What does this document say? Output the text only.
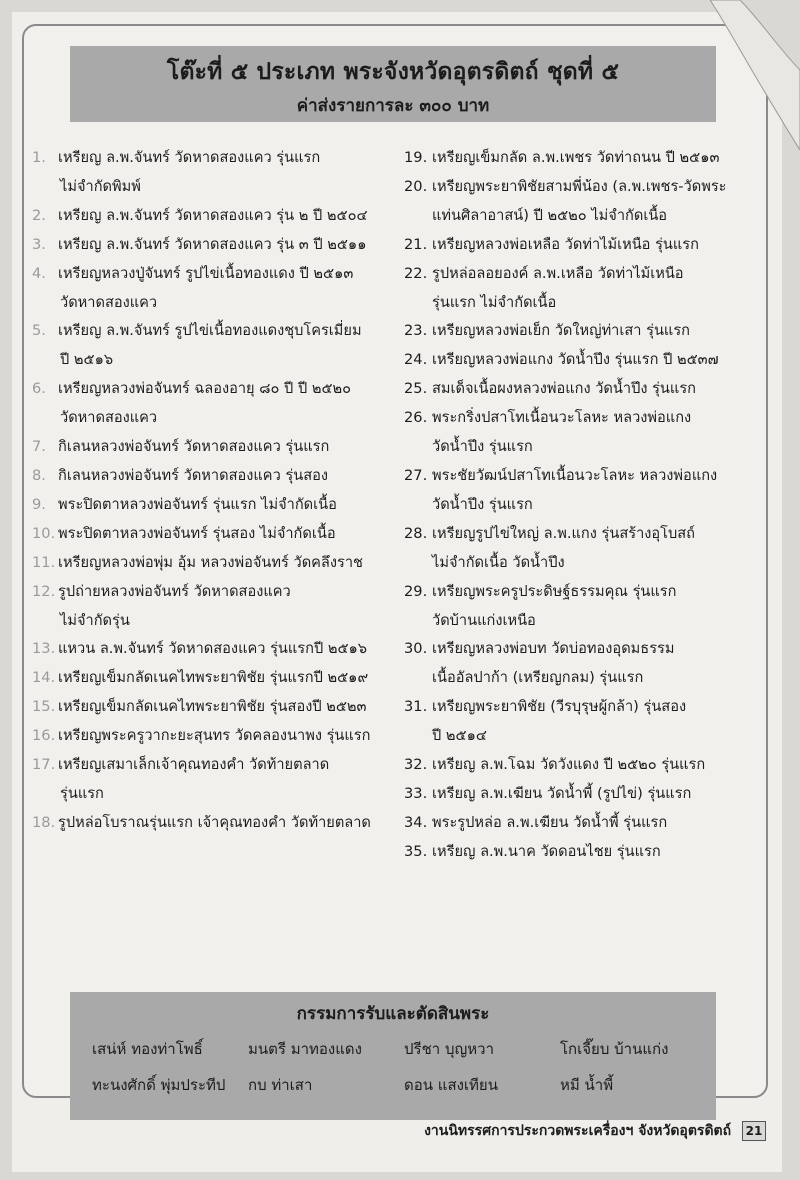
โต๊ะที่ ๕ ประเภท พระจังหวัดอุตรดิตถ์ ชุดที่ ๕
ค่าส่งรายการละ ๓๐๐ บาท
1. เหรียญ ล.พ.จันทร์ วัดหาดสองแคว รุ่นแรก
ไม่จำกัดพิมพ์
2. เหรียญ ล.พ.จันทร์ วัดหาดสองแคว รุ่น ๒ ปี ๒๕๐๔
3. เหรียญ ล.พ.จันทร์ วัดหาดสองแคว รุ่น ๓ ปี ๒๕๑๑
4. เหรียญหลวงปู่จันทร์ รูปไข่เนื้อทองแดง ปี ๒๕๑๓
วัดหาดสองแคว
5. เหรียญ ล.พ.จันทร์ รูปไข่เนื้อทองแดงชุบโครเมี่ยม
ปี ๒๕๑๖
6. เหรียญหลวงพ่อจันทร์ ฉลองอายุ ๘๐ ปี ปี ๒๕๒๐
วัดหาดสองแคว
7. กิเลนหลวงพ่อจันทร์ วัดหาดสองแคว รุ่นแรก
8. กิเลนหลวงพ่อจันทร์ วัดหาดสองแคว รุ่นสอง
9. พระปิดตาหลวงพ่อจันทร์ รุ่นแรก ไม่จำกัดเนื้อ
10. พระปิดตาหลวงพ่อจันทร์ รุ่นสอง ไม่จำกัดเนื้อ
11. เหรียญหลวงพ่อพุ่ม อุ้ม หลวงพ่อจันทร์ วัดคลึงราช
12. รูปถ่ายหลวงพ่อจันทร์ วัดหาดสองแคว
ไม่จำกัดรุ่น
13. แหวน ล.พ.จันทร์ วัดหาดสองแคว รุ่นแรกปี ๒๕๑๖
14. เหรียญเข็มกลัดเนคไทพระยาพิชัย รุ่นแรกปี ๒๕๑๙
15. เหรียญเข็มกลัดเนคไทพระยาพิชัย รุ่นสองปี ๒๕๒๓
16. เหรียญพระครูวากะยะสุนทร วัดคลองนาพง รุ่นแรก
17. เหรียญเสมาเล็กเจ้าคุณทองคำ วัดท้ายตลาด
รุ่นแรก
18. รูปหล่อโบราณรุ่นแรก เจ้าคุณทองคำ วัดท้ายตลาด
19. เหรียญเข็มกลัด ล.พ.เพชร วัดท่าถนน ปี ๒๕๑๓
20. เหรียญพระยาพิชัยสามพี่น้อง (ล.พ.เพชร-วัดพระ
แท่นศิลาอาสน์) ปี ๒๕๒๐ ไม่จำกัดเนื้อ
21. เหรียญหลวงพ่อเหลือ วัดท่าไม้เหนือ รุ่นแรก
22. รูปหล่อลอยองค์ ล.พ.เหลือ วัดท่าไม้เหนือ
รุ่นแรก ไม่จำกัดเนื้อ
23. เหรียญหลวงพ่อเย็ก วัดใหญ่ท่าเสา รุ่นแรก
24. เหรียญหลวงพ่อแกง วัดน้ำปึง รุ่นแรก ปี ๒๕๓๗
25. สมเด็จเนื้อผงหลวงพ่อแกง วัดน้ำปึง รุ่นแรก
26. พระกริ่งปสาโทเนื้อนวะโลหะ หลวงพ่อแกง
วัดน้ำปึง รุ่นแรก
27. พระชัยวัฒน์ปสาโทเนื้อนวะโลหะ หลวงพ่อแกง
วัดน้ำปึง รุ่นแรก
28. เหรียญรูปไข่ใหญ่ ล.พ.แกง รุ่นสร้างอุโบสถ์
ไม่จำกัดเนื้อ วัดน้ำปึง
29. เหรียญพระครูประดิษฐ์ธรรมคุณ รุ่นแรก
วัดบ้านแก่งเหนือ
30. เหรียญหลวงพ่อบท วัดบ่อทองอุดมธรรม
เนื้ออัลปาก้า (เหรียญกลม) รุ่นแรก
31. เหรียญพระยาพิชัย (วีรบุรุษผู้กล้า) รุ่นสอง
ปี ๒๕๑๔
32. เหรียญ ล.พ.โฉม วัดวังแดง ปี ๒๕๒๐ รุ่นแรก
33. เหรียญ ล.พ.เฆียน วัดน้ำพี้ (รูปไข่) รุ่นแรก
34. พระรูปหล่อ ล.พ.เฆียน วัดน้ำพี้ รุ่นแรก
35. เหรียญ ล.พ.นาค วัดดอนไชย รุ่นแรก
กรรมการรับและตัดสินพระ
เสน่ห์ ทองท่าโพธิ์	มนตรี มาทองแดง	ปรีชา บุญหวา	โกเจี๊ยบ บ้านแก่ง
ทะนงศักดิ์ พุ่มประทีป	กบ ท่าเสา	ดอน แสงเทียน	หมี น้ำพี้
งานนิทรรศการประกวดพระเครื่องฯ จังหวัดอุตรดิตถ์ 21
